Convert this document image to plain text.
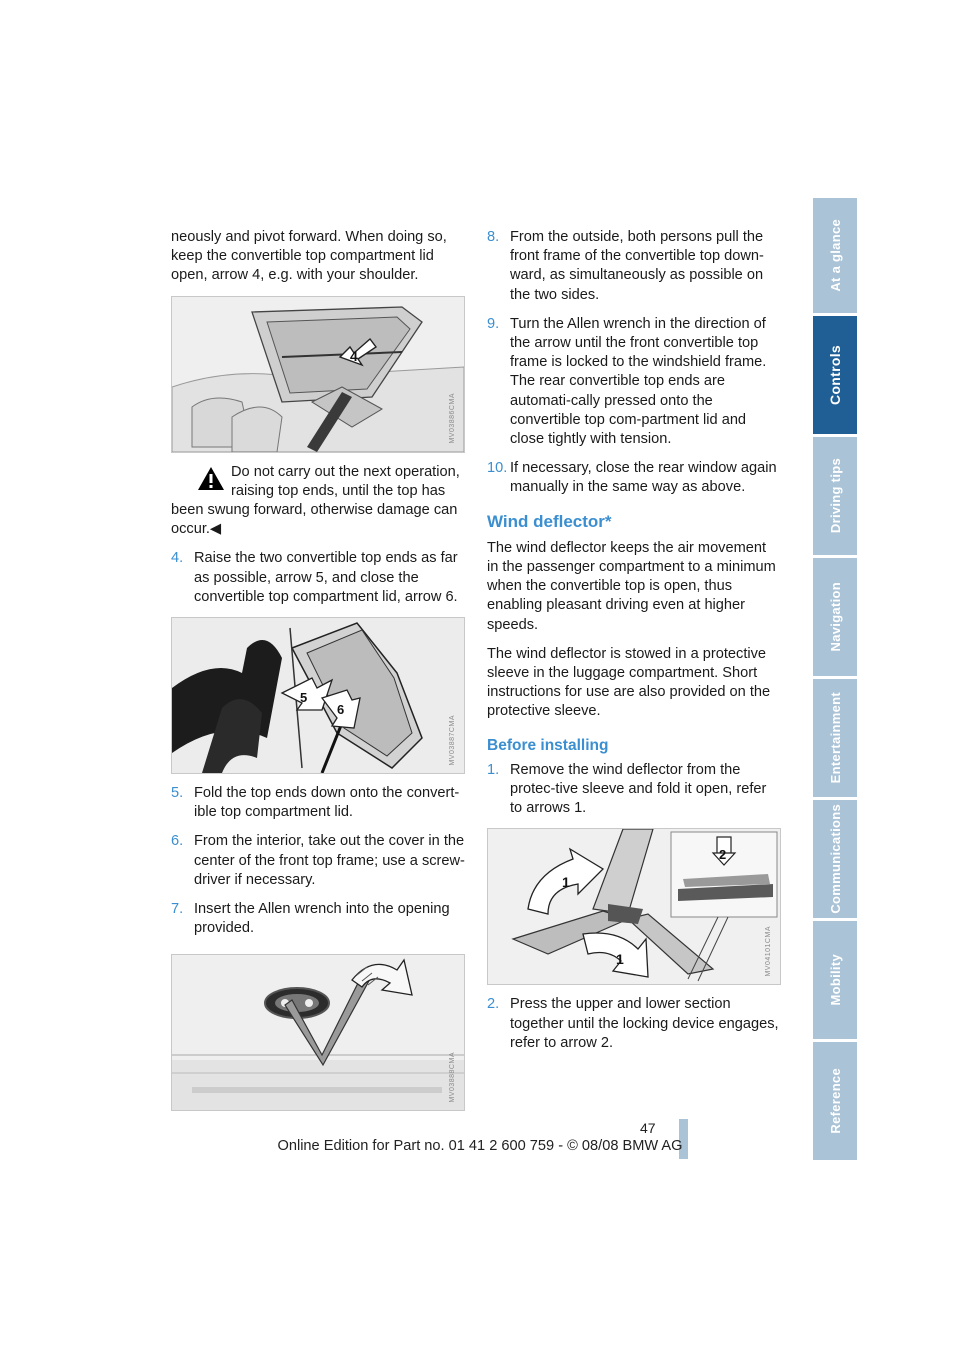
neously and pivot forward. When doing so, keep the convertible top compartment lid open, arrow 4, e.g. with your shoulder.

4
MV03886CMA
Do not carry out the next operation, raising top ends, until the top has
been swung forward, otherwise damage can occur.◀
4. Raise the two convertible top ends as far as possible, arrow 5, and close the convertible top compartment lid, arrow 6.
5
6
MV03887CMA
5. Fold the top ends down onto the convert-ible top compartment lid.
6. From the interior, take out the cover in the center of the front top frame; use a screw-driver if necessary.
7. Insert the Allen wrench into the opening provided.
MV03888CMA
8. From the outside, both persons pull the front frame of the convertible top down-ward, as simultaneously as possible on the two sides.
9. Turn the Allen wrench in the direction of the arrow until the front convertible top frame is locked to the windshield frame.
The rear convertible top ends are automati-cally pressed onto the convertible top com-partment lid and close tightly with tension.
10. If necessary, close the rear window again manually in the same way as above.
Wind deflector*

The wind deflector keeps the air movement in the passenger compartment to a minimum when the convertible top is open, thus enabling pleasant driving even at higher speeds.

The wind deflector is stowed in a protective sleeve in the luggage compartment. Short instructions for use are also provided on the protective sleeve.

Before installing
1. Remove the wind deflector from the protec-tive sleeve and fold it open, refer to arrows 1.
1
1
2
MV04101CMA
2. Press the upper and lower section together until the locking device engages, refer to arrow 2.
At a glance
Controls
Driving tips
Navigation
Entertainment
Communications
Mobility
Reference
47
Online Edition for Part no. 01 41 2 600 759 - © 08/08 BMW AG
